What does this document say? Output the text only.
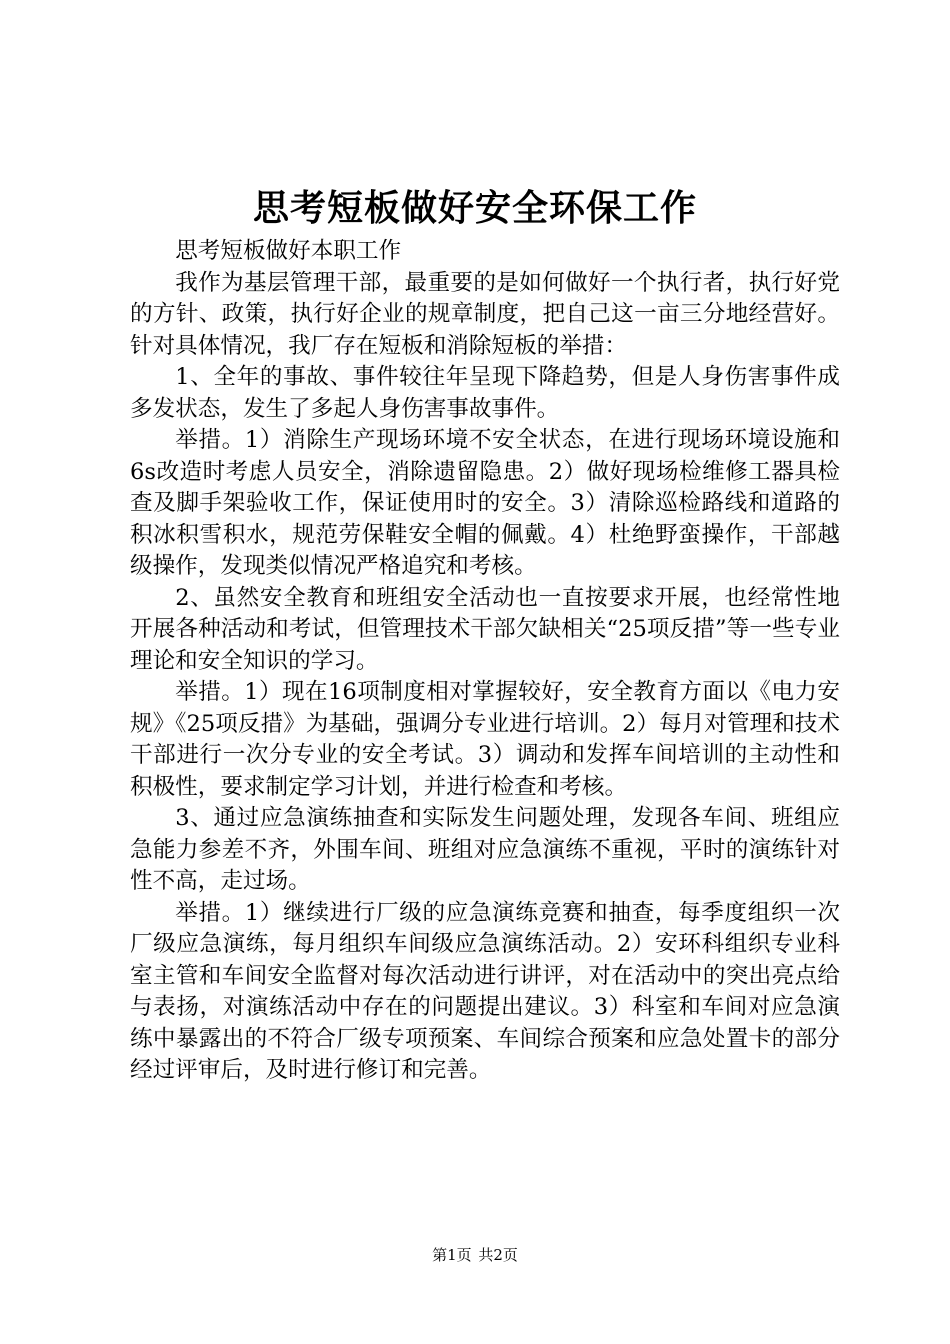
思考短板做好安全环保工作

思考短板做好本职工作

我作为基层管理干部，最重要的是如何做好一个执行者，执行好党的方针、政策，执行好企业的规章制度，把自己这一亩三分地经营好。针对具体情况，我厂存在短板和消除短板的举措：

1、全年的事故、事件较往年呈现下降趋势，但是人身伤害事件成多发状态，发生了多起人身伤害事故事件。

举措。1）消除生产现场环境不安全状态，在进行现场环境设施和6s改造时考虑人员安全，消除遗留隐患。2）做好现场检维修工器具检查及脚手架验收工作，保证使用时的安全。3）清除巡检路线和道路的积冰积雪积水，规范劳保鞋安全帽的佩戴。4）杜绝野蛮操作，干部越级操作，发现类似情况严格追究和考核。

2、虽然安全教育和班组安全活动也一直按要求开展，也经常性地开展各种活动和考试，但管理技术干部欠缺相关“25项反措”等一些专业理论和安全知识的学习。

举措。1）现在16项制度相对掌握较好，安全教育方面以《电力安规》《25项反措》为基础，强调分专业进行培训。2）每月对管理和技术干部进行一次分专业的安全考试。3）调动和发挥车间培训的主动性和积极性，要求制定学习计划，并进行检查和考核。

3、通过应急演练抽查和实际发生问题处理，发现各车间、班组应急能力参差不齐，外围车间、班组对应急演练不重视，平时的演练针对性不高，走过场。

举措。1）继续进行厂级的应急演练竞赛和抽查，每季度组织一次厂级应急演练，每月组织车间级应急演练活动。2）安环科组织专业科室主管和车间安全监督对每次活动进行讲评，对在活动中的突出亮点给与表扬，对演练活动中存在的问题提出建议。3）科室和车间对应急演练中暴露出的不符合厂级专项预案、车间综合预案和应急处置卡的部分经过评审后，及时进行修订和完善。

第1页 共2页
